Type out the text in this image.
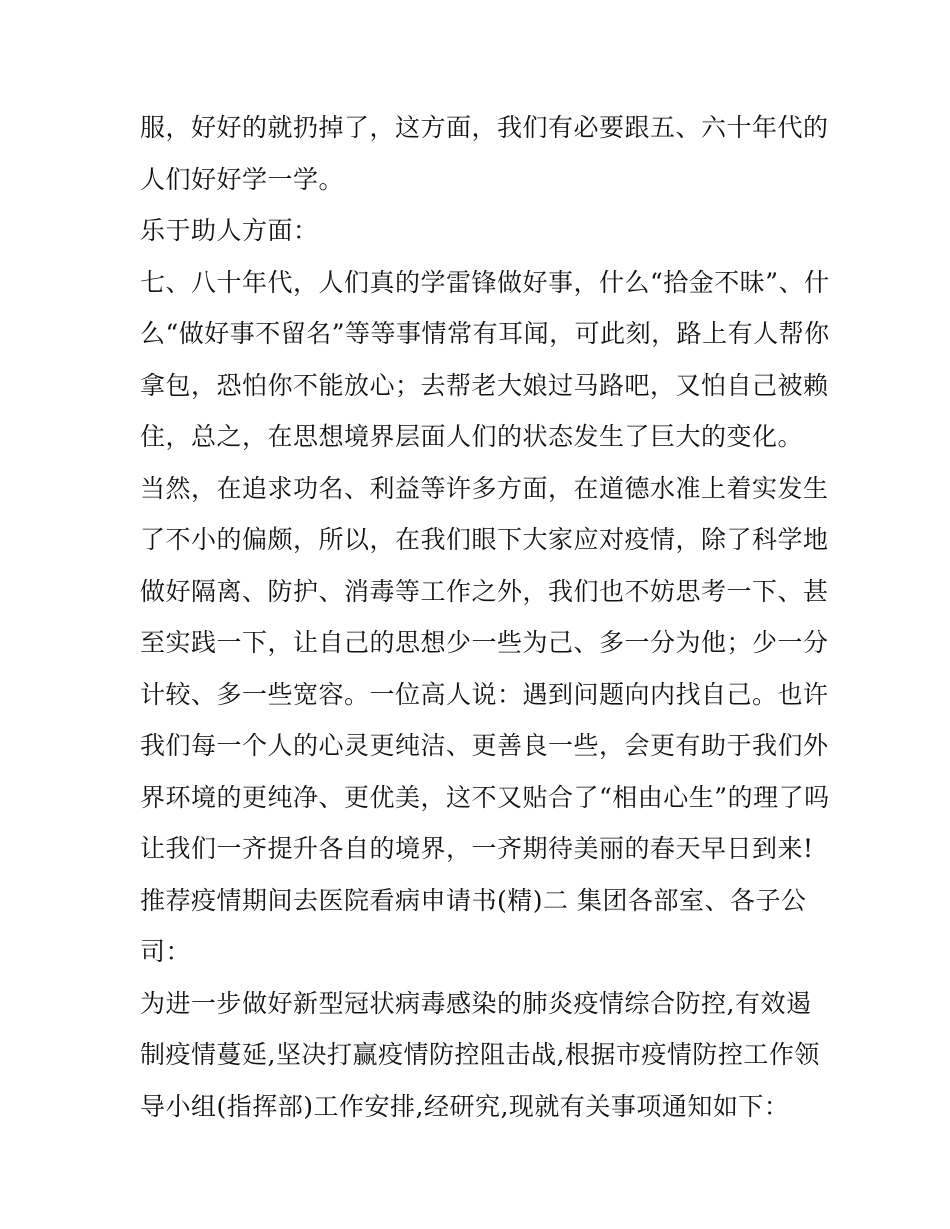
服，好好的就扔掉了，这方面，我们有必要跟五、六十年代的

人们好好学一学。

乐于助人方面：

七、八十年代，人们真的学雷锋做好事，什么“拾金不昧”、什

么“做好事不留名”等等事情常有耳闻，可此刻，路上有人帮你

拿包，恐怕你不能放心；去帮老大娘过马路吧，又怕自己被赖

住，总之，在思想境界层面人们的状态发生了巨大的变化。

当然，在追求功名、利益等许多方面，在道德水准上着实发生

了不小的偏颇，所以，在我们眼下大家应对疫情，除了科学地

做好隔离、防护、消毒等工作之外，我们也不妨思考一下、甚

至实践一下，让自己的思想少一些为己、多一分为他；少一分

计较、多一些宽容。一位高人说：遇到问题向内找自己。也许

我们每一个人的心灵更纯洁、更善良一些，会更有助于我们外

界环境的更纯净、更优美，这不又贴合了“相由心生”的理了吗

让我们一齐提升各自的境界，一齐期待美丽的春天早日到来!

推荐疫情期间去医院看病申请书(精)二 集团各部室、各子公

司：

为进一步做好新型冠状病毒感染的肺炎疫情综合防控,有效遏

制疫情蔓延,坚决打赢疫情防控阻击战,根据市疫情防控工作领

导小组(指挥部)工作安排,经研究,现就有关事项通知如下：
